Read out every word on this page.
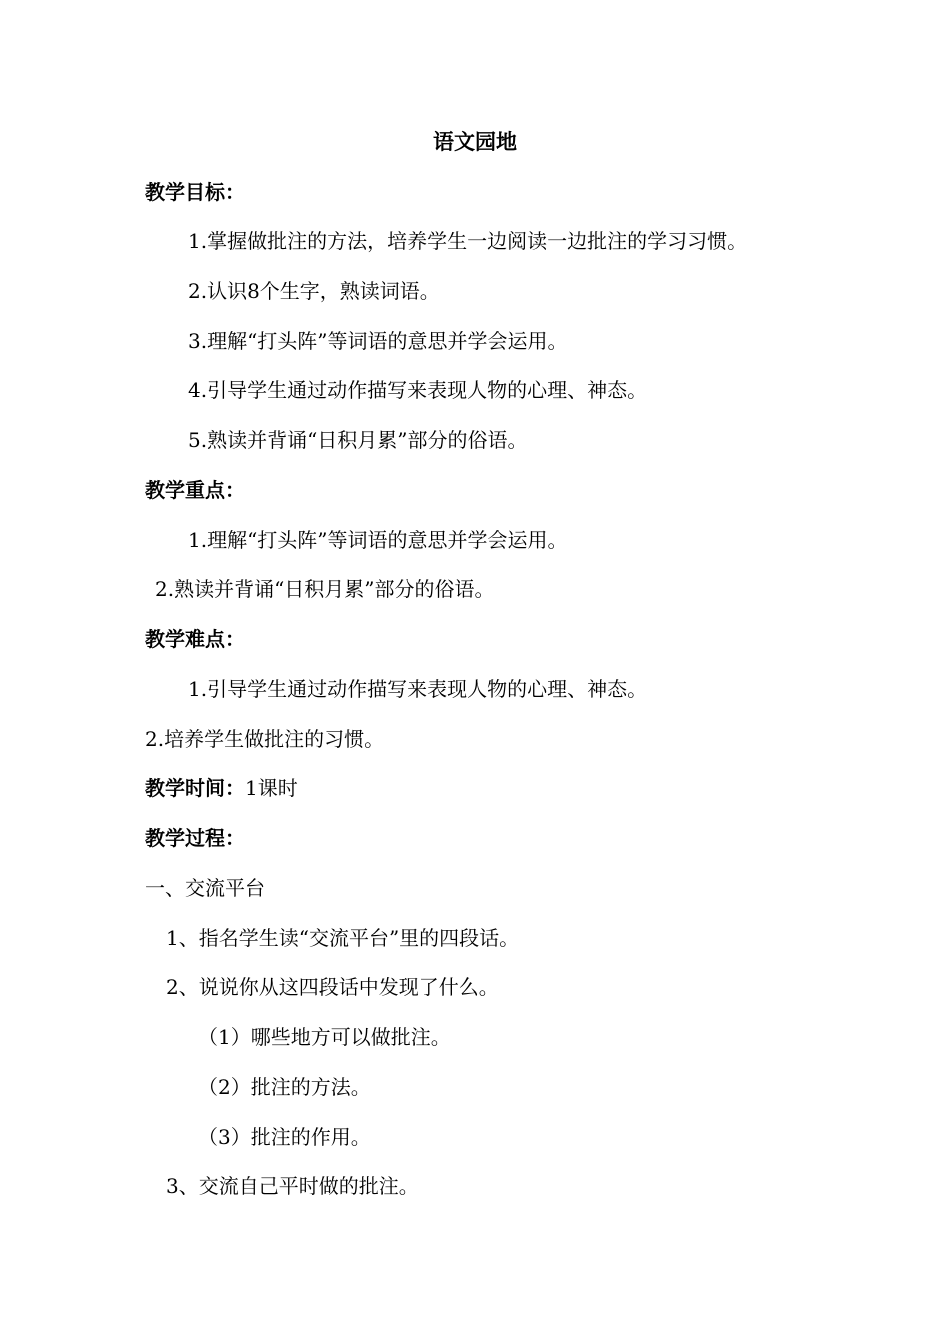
语文园地
教学目标：
1.掌握做批注的方法，培养学生一边阅读一边批注的学习习惯。
2.认识8个生字，熟读词语。
3.理解“打头阵”等词语的意思并学会运用。
4.引导学生通过动作描写来表现人物的心理、神态。
5.熟读并背诵“日积月累”部分的俗语。
教学重点：
1.理解“打头阵”等词语的意思并学会运用。
2.熟读并背诵“日积月累”部分的俗语。
教学难点：
1.引导学生通过动作描写来表现人物的心理、神态。
2.培养学生做批注的习惯。
教学时间：1课时
教学过程：
一、交流平台
1、指名学生读“交流平台”里的四段话。
2、说说你从这四段话中发现了什么。
（1）哪些地方可以做批注。
（2）批注的方法。
（3）批注的作用。
3、交流自己平时做的批注。
